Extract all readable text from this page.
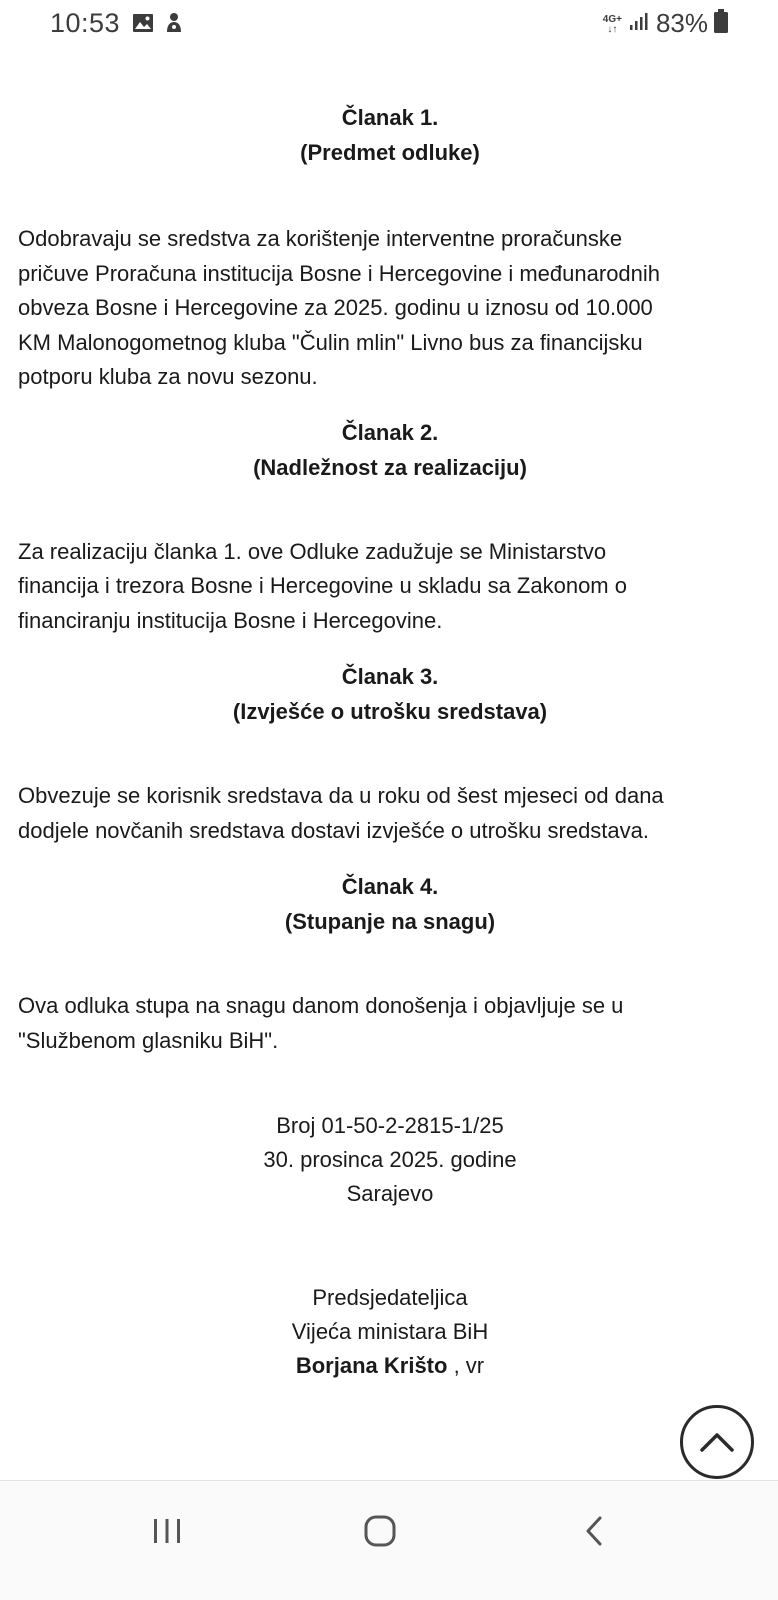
10:53	4G+
↓↑ 83%
Članak 1.
(Predmet odluke)
Odobravaju se sredstva za korištenje interventne proračunske
pričuve Proračuna institucija Bosne i Hercegovine i međunarodnih
obveza Bosne i Hercegovine za 2025. godinu u iznosu od 10.000
KM Malonogometnog kluba "Čulin mlin" Livno bus za financijsku
potporu kluba za novu sezonu.
Članak 2.
(Nadležnost za realizaciju)
Za realizaciju članka 1. ove Odluke zadužuje se Ministarstvo
financija i trezora Bosne i Hercegovine u skladu sa Zakonom o
financiranju institucija Bosne i Hercegovine.
Članak 3.
(Izvješće o utrošku sredstava)
Obvezuje se korisnik sredstava da u roku od šest mjeseci od dana
dodjele novčanih sredstava dostavi izvješće o utrošku sredstava.
Članak 4.
(Stupanje na snagu)
Ova odluka stupa na snagu danom donošenja i objavljuje se u
"Službenom glasniku BiH".
Broj 01-50-2-2815-1/25
30. prosinca 2025. godine
Sarajevo
Predsjedateljica
Vijeća ministara BiH
Borjana Krišto , vr
